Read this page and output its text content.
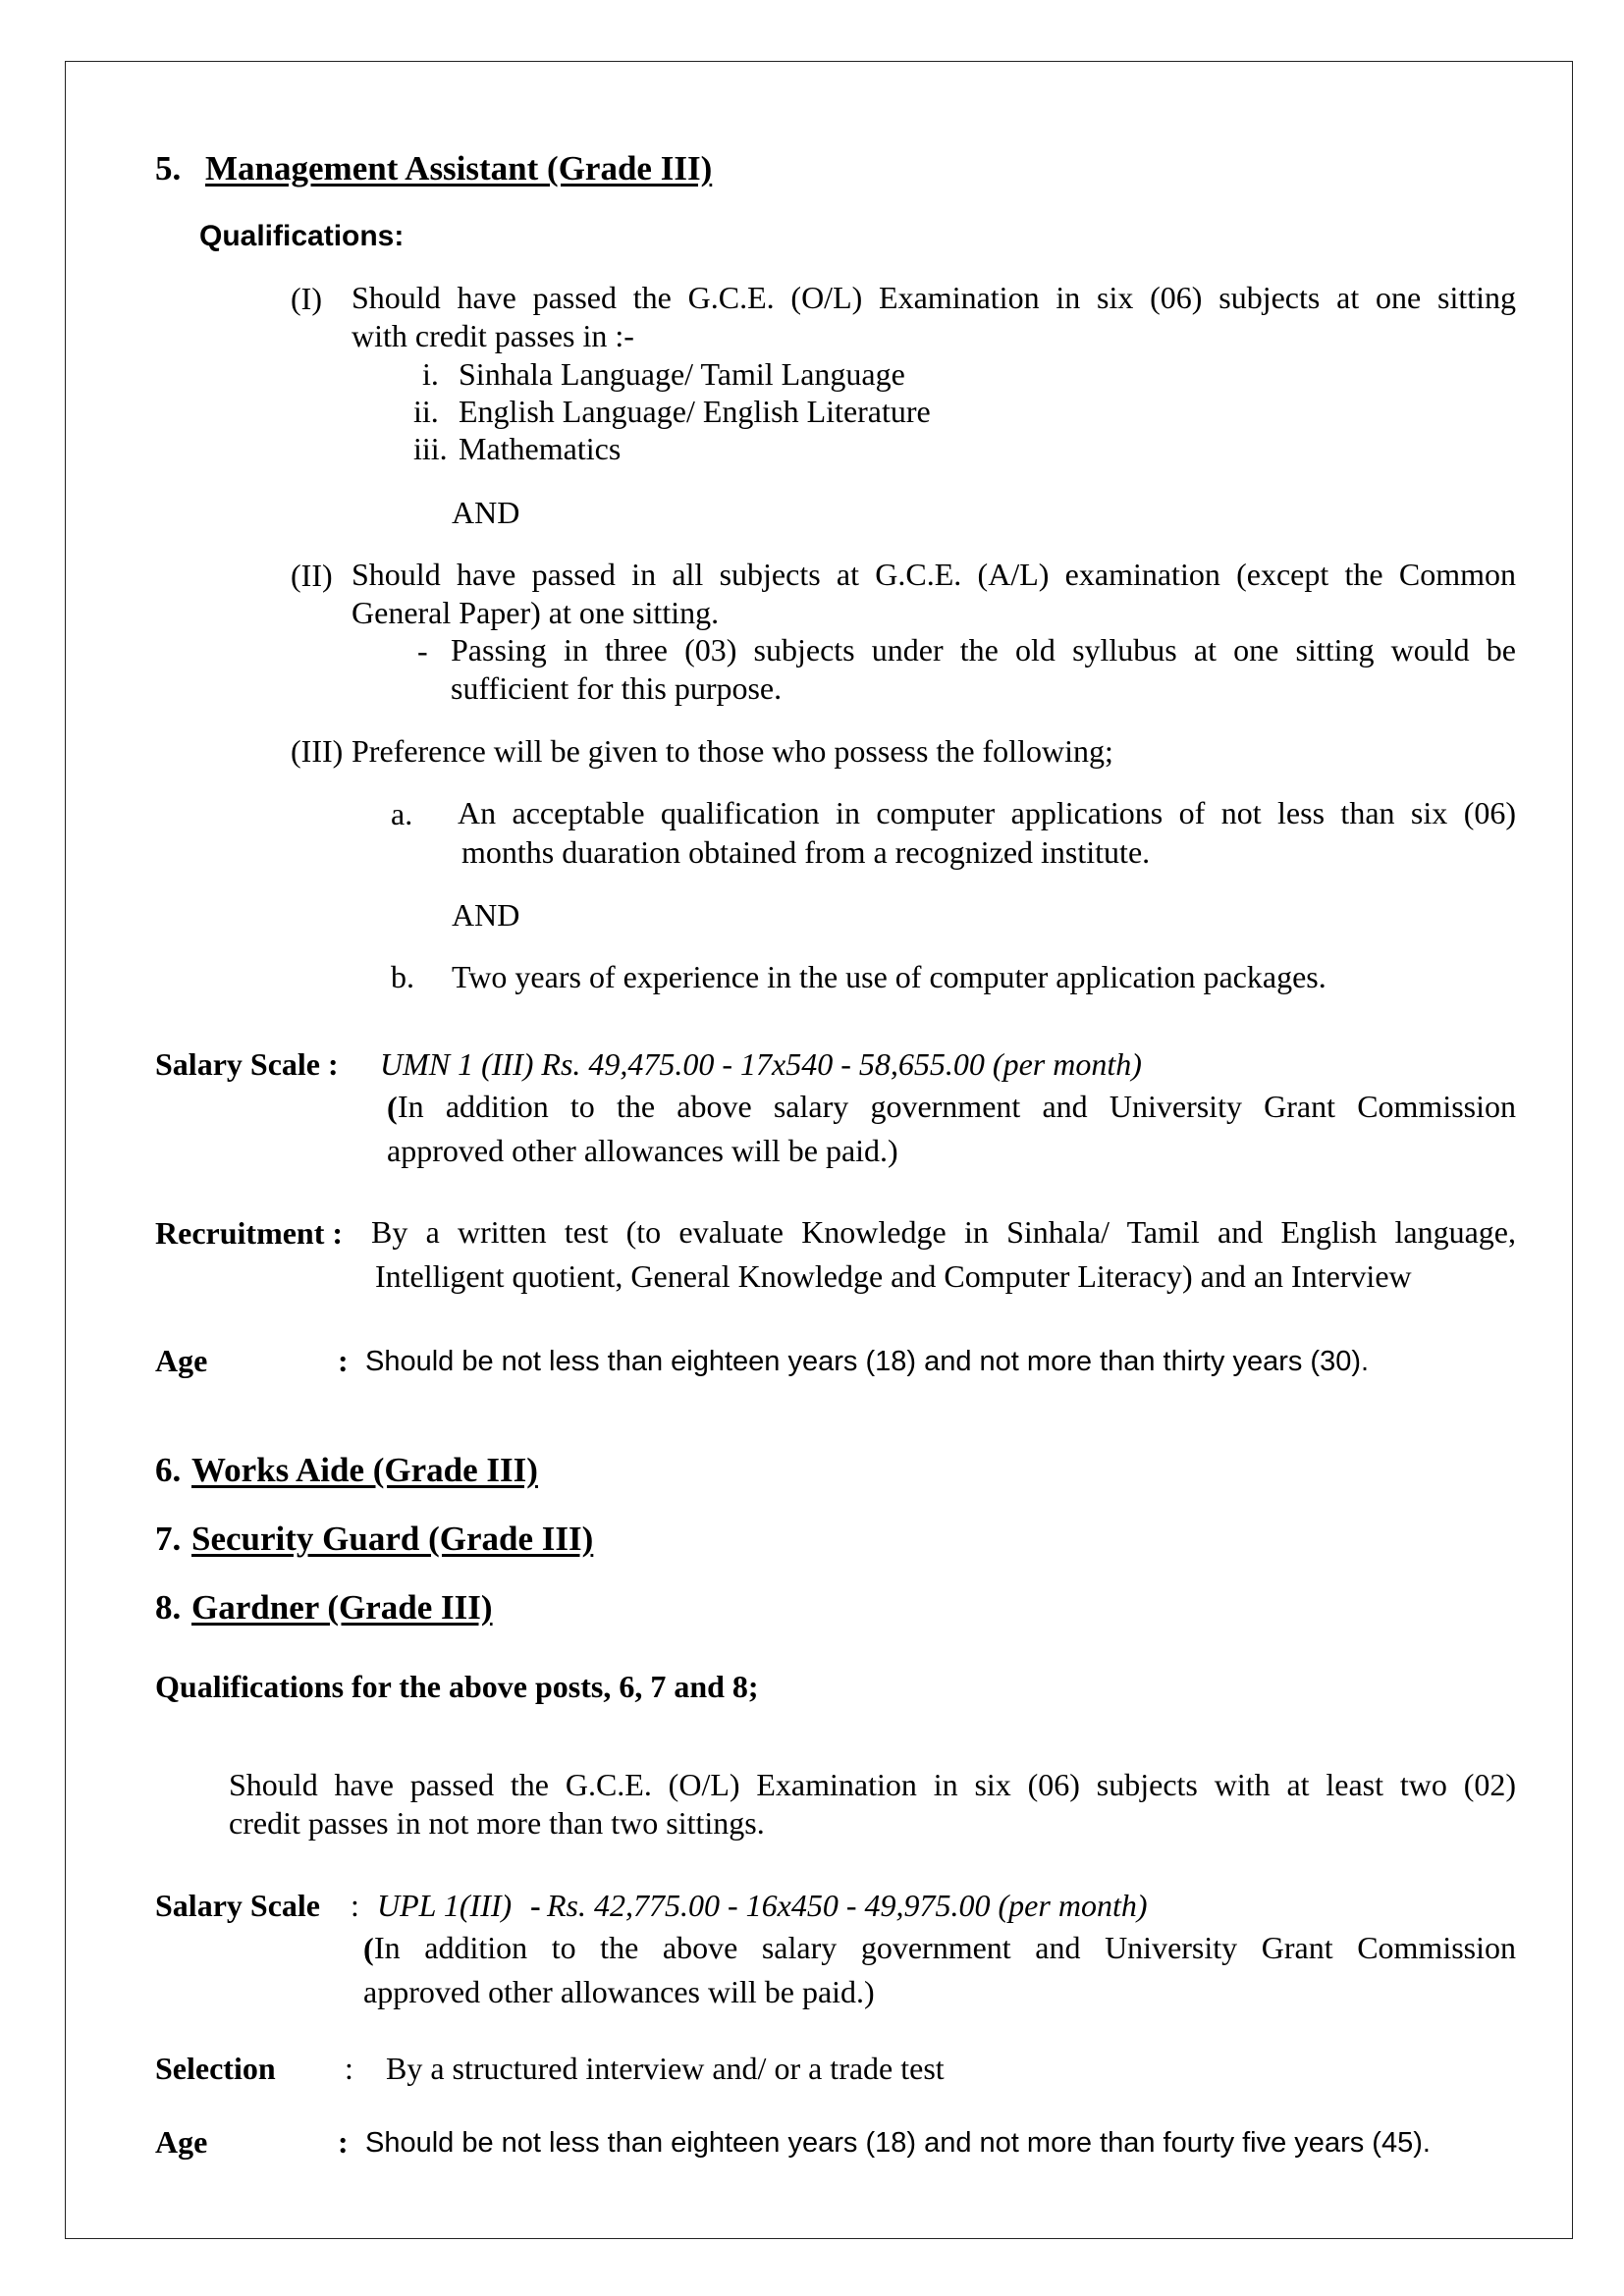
5. Management Assistant (Grade III)
Qualifications:
(I) Should have passed the G.C.E. (O/L) Examination in six (06) subjects at one sitting
with credit passes in :-
i. Sinhala Language/ Tamil Language
ii. English Language/ English Literature
iii. Mathematics
AND
(II) Should have passed in all subjects at G.C.E. (A/L) examination (except the Common
General Paper) at one sitting.
- Passing in three (03) subjects under the old syllubus at one sitting would be
sufficient for this purpose.
(III) Preference will be given to those who possess the following;
a. An acceptable qualification in computer applications of not less than six (06)
months duaration obtained from a recognized institute.
AND
b. Two years of experience in the use of computer application packages.
Salary Scale : UMN 1 (III) Rs. 49,475.00 - 17x540 - 58,655.00 (per month)
( In addition to the above salary government and University Grant Commission
approved other allowances will be paid.)
Recruitment : By a written test (to evaluate Knowledge in Sinhala/ Tamil and English language,
Intelligent quotient, General Knowledge and Computer Literacy) and an Interview
Age	: Should be not less than eighteen years (18) and not more than thirty years (30).
6. Works Aide (Grade III)
7. Security Guard (Grade III)
8. Gardner (Grade III)
Qualifications for the above posts, 6, 7 and 8;
Should have passed the G.C.E. (O/L) Examination in six (06) subjects with at least two (02)
credit passes in not more than two sittings.
Salary Scale : UPL 1(III) - Rs. 42,775.00 - 16x450 - 49,975.00 (per month)
( In addition to the above salary government and University Grant Commission
approved other allowances will be paid.)
Selection : By a structured interview and/ or a trade test
Age	: Should be not less than eighteen years (18) and not more than fourty five years (45).
